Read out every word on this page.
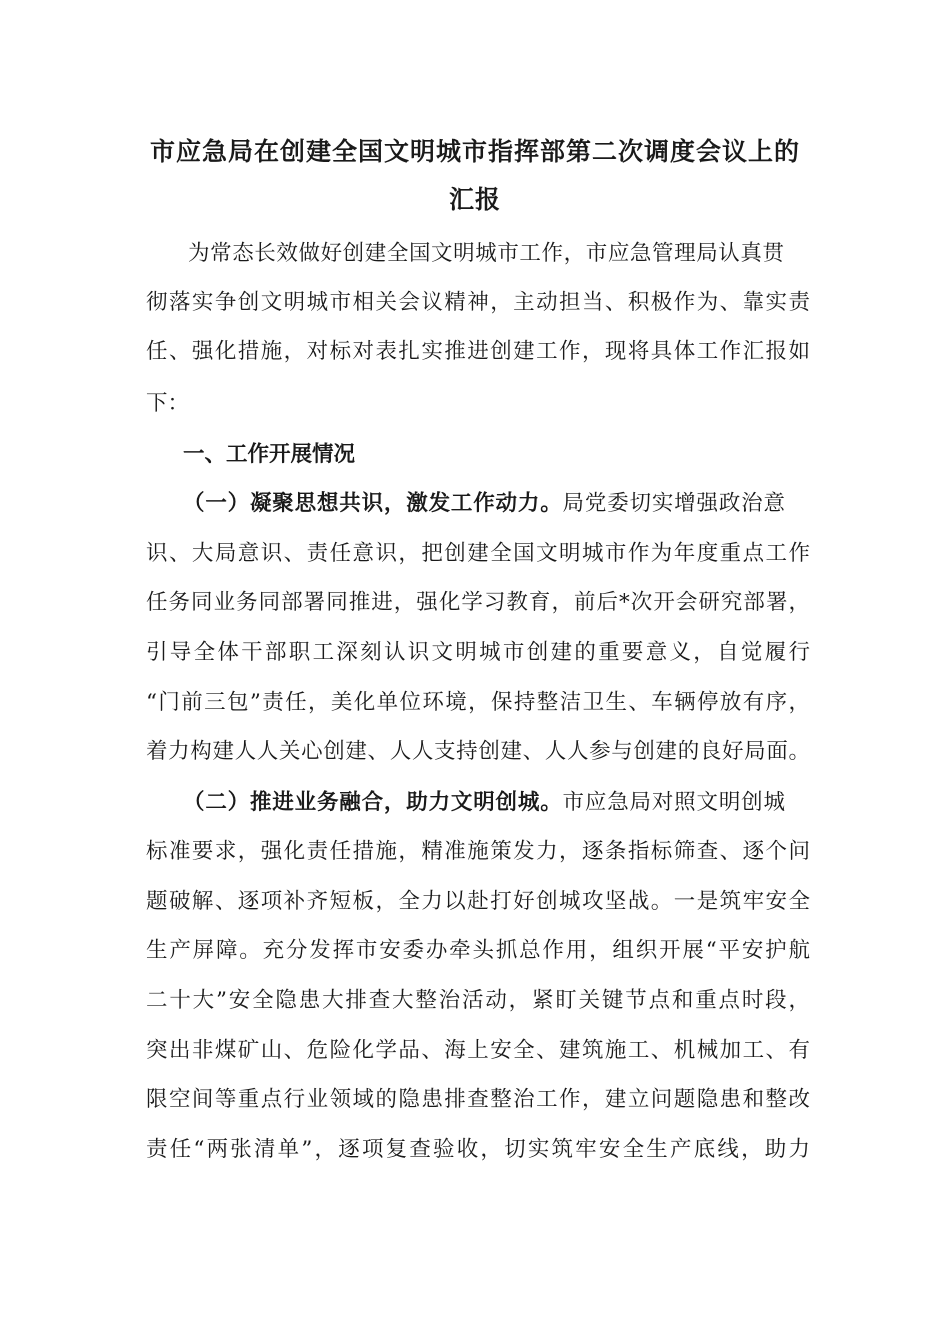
市应急局在创建全国文明城市指挥部第二次调度会议上的
汇报

为常态长效做好创建全国文明城市工作，市应急管理局认真贯

彻落实争创文明城市相关会议精神，主动担当、积极作为、靠实责

任、强化措施，对标对表扎实推进创建工作，现将具体工作汇报如

下：

一、工作开展情况

（一）凝聚思想共识，激发工作动力。局党委切实增强政治意

识、大局意识、责任意识，把创建全国文明城市作为年度重点工作

任务同业务同部署同推进，强化学习教育，前后*次开会研究部署，

引导全体干部职工深刻认识文明城市创建的重要意义，自觉履行

“门前三包”责任，美化单位环境，保持整洁卫生、车辆停放有序，

着力构建人人关心创建、人人支持创建、人人参与创建的良好局面。

（二）推进业务融合，助力文明创城。市应急局对照文明创城

标准要求，强化责任措施，精准施策发力，逐条指标筛查、逐个问

题破解、逐项补齐短板，全力以赴打好创城攻坚战。一是筑牢安全

生产屏障。充分发挥市安委办牵头抓总作用，组织开展“平安护航

二十大”安全隐患大排查大整治活动，紧盯关键节点和重点时段，

突出非煤矿山、危险化学品、海上安全、建筑施工、机械加工、有

限空间等重点行业领域的隐患排查整治工作，建立问题隐患和整改

责任“两张清单”，逐项复查验收，切实筑牢安全生产底线，助力
